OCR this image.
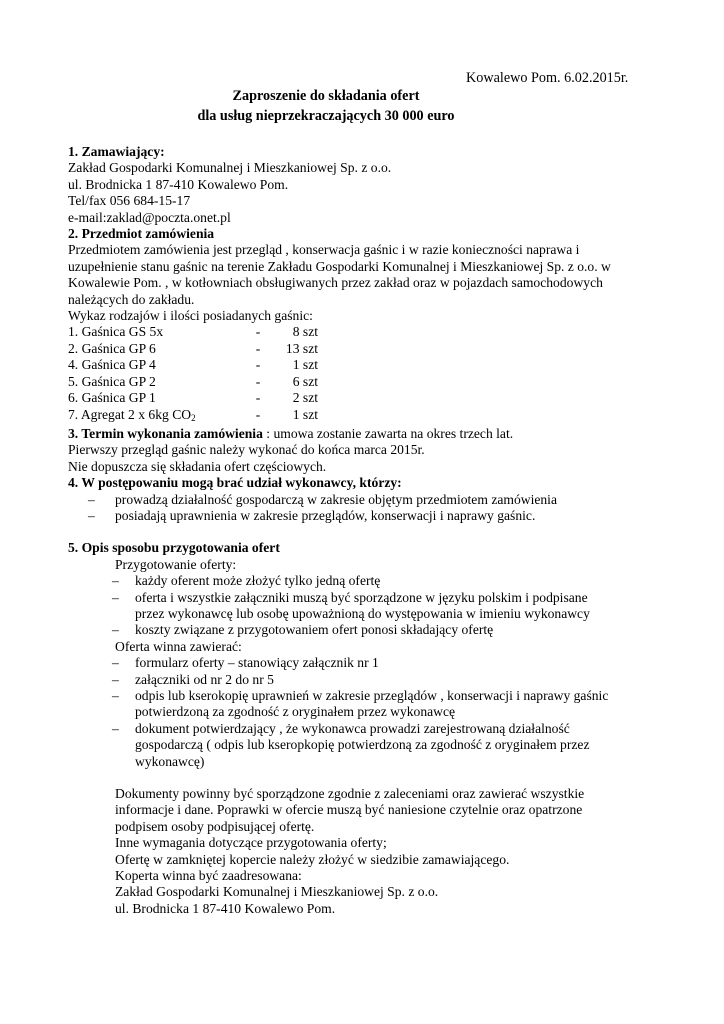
Kowalewo Pom. 6.02.2015r.
Zaproszenie do składania ofert
dla usług nieprzekraczających 30 000 euro

1. Zamawiający:

Zakład Gospodarki Komunalnej i Mieszkaniowej Sp. z o.o.

ul. Brodnicka 1 87-410 Kowalewo Pom.

Tel/fax 056 684-15-17

e-mail:zaklad@poczta.onet.pl

2. Przedmiot zamówienia

Przedmiotem zamówienia jest przegląd , konserwacja gaśnic i w razie konieczności naprawa i

uzupełnienie stanu gaśnic na terenie Zakładu Gospodarki Komunalnej i Mieszkaniowej Sp. z o.o. w

Kowalewie Pom. , w kotłowniach obsługiwanych przez zakład oraz w pojazdach samochodowych

należących do zakładu.

Wykaz rodzajów i ilości posiadanych gaśnic:

1. Gaśnica GS 5x	-	8 szt
2. Gaśnica GP 6	-	13 szt
4. Gaśnica GP 4	-	1 szt
5. Gaśnica GP 2	-	6 szt
6. Gaśnica GP 1	-	2 szt
7. Agregat 2 x 6kg $CO_2$	-	1 szt

3. Termin wykonania zamówienia : umowa zostanie zawarta na okres trzech lat.

Pierwszy przegląd gaśnic należy wykonać do końca marca 2015r.

Nie dopuszcza się składania ofert częściowych.

4. W postępowaniu mogą brać udział wykonawcy, którzy:

– prowadzą działalność gospodarczą w zakresie objętym przedmiotem zamówienia
– posiadają uprawnienia w zakresie przeglądów, konserwacji i naprawy gaśnic.

5. Opis sposobu przygotowania ofert

Przygotowanie oferty:

– każdy oferent może złożyć tylko jedną ofertę
– oferta i wszystkie załączniki muszą być sporządzone w języku polskim i podpisane
przez wykonawcę lub osobę upoważnioną do występowania w imieniu wykonawcy
– koszty związane z przygotowaniem ofert ponosi składający ofertę

Oferta winna zawierać:

– formularz oferty – stanowiący załącznik nr 1
– załączniki od nr 2 do nr 5
– odpis lub kserokopię uprawnień w zakresie przeglądów , konserwacji i naprawy gaśnic
potwierdzoną za zgodność z oryginałem przez wykonawcę
– dokument potwierdzający , że wykonawca prowadzi zarejestrowaną działalność
gospodarczą ( odpis lub kseropkopię potwierdzoną za zgodność z oryginałem przez
wykonawcę)

Dokumenty powinny być sporządzone zgodnie z zaleceniami oraz zawierać wszystkie

informacje i dane. Poprawki w ofercie muszą być naniesione czytelnie oraz opatrzone

podpisem osoby podpisującej ofertę.

Inne wymagania dotyczące przygotowania oferty;

Ofertę w zamkniętej kopercie należy złożyć w siedzibie zamawiającego.

Koperta winna być zaadresowana:

Zakład Gospodarki Komunalnej i Mieszkaniowej Sp. z o.o.

ul. Brodnicka 1 87-410 Kowalewo Pom.
